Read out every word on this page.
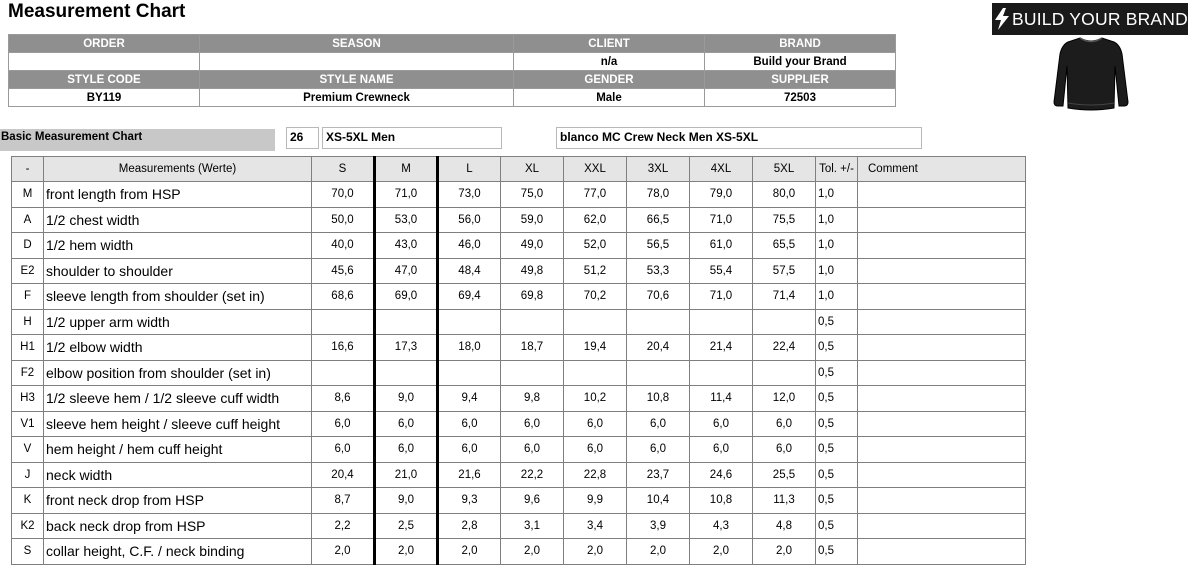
Measurement Chart	BUILD YOUR BRAND
ORDER	SEASON	CLIENT	BRAND
		n/a	Build your Brand
STYLE CODE	STYLE NAME	GENDER	SUPPLIER
BY119	Premium Crewneck	Male	72503
Basic Measurement Chart	26	XS-5XL Men	blanco MC Crew Neck Men XS-5XL
-	Measurements (Werte)	S	M	L	XL	XXL	3XL	4XL	5XL	Tol. +/-	Comment
M	front length from HSP	70,0	71,0	73,0	75,0	77,0	78,0	79,0	80,0	1,0	
A	1/2 chest width	50,0	53,0	56,0	59,0	62,0	66,5	71,0	75,5	1,0	
D	1/2 hem width	40,0	43,0	46,0	49,0	52,0	56,5	61,0	65,5	1,0	
E2	shoulder to shoulder	45,6	47,0	48,4	49,8	51,2	53,3	55,4	57,5	1,0	
F	sleeve length from shoulder (set in)	68,6	69,0	69,4	69,8	70,2	70,6	71,0	71,4	1,0	
H	1/2 upper arm width									0,5	
H1	1/2 elbow width	16,6	17,3	18,0	18,7	19,4	20,4	21,4	22,4	0,5	
F2	elbow position from shoulder (set in)									0,5	
H3	1/2 sleeve hem / 1/2 sleeve cuff width	8,6	9,0	9,4	9,8	10,2	10,8	11,4	12,0	0,5	
V1	sleeve hem height / sleeve cuff height	6,0	6,0	6,0	6,0	6,0	6,0	6,0	6,0	0,5	
V	hem height / hem cuff height	6,0	6,0	6,0	6,0	6,0	6,0	6,0	6,0	0,5	
J	neck width	20,4	21,0	21,6	22,2	22,8	23,7	24,6	25,5	0,5	
K	front neck drop from HSP	8,7	9,0	9,3	9,6	9,9	10,4	10,8	11,3	0,5	
K2	back neck drop from HSP	2,2	2,5	2,8	3,1	3,4	3,9	4,3	4,8	0,5	
S	collar height, C.F. / neck binding	2,0	2,0	2,0	2,0	2,0	2,0	2,0	2,0	0,5	
